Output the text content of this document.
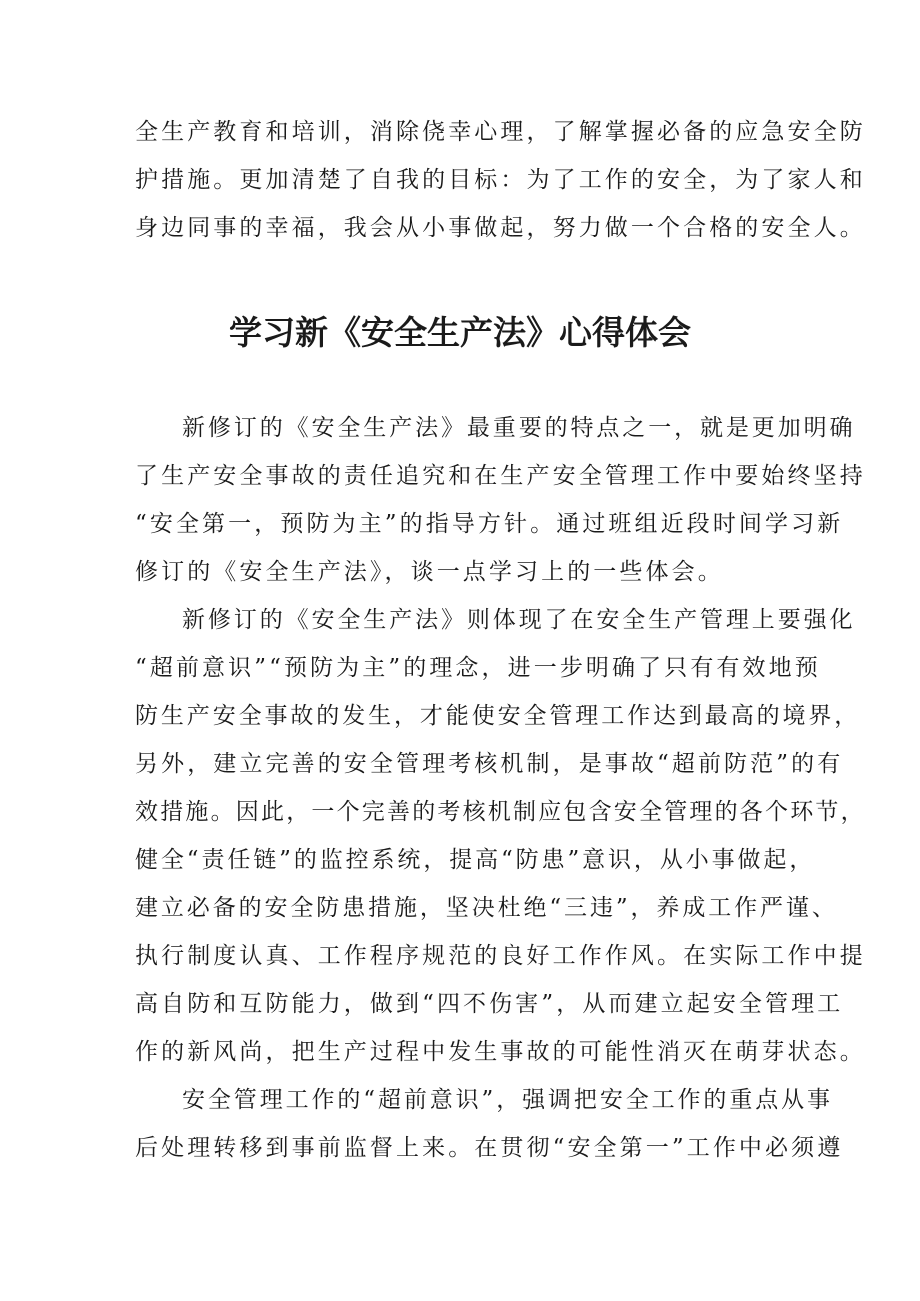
全生产教育和培训，消除侥幸心理，了解掌握必备的应急安全防
护措施。更加清楚了自我的目标：为了工作的安全，为了家人和
身边同事的幸福，我会从小事做起，努力做一个合格的安全人。
学习新《安全生产法》心得体会
新修订的《安全生产法》最重要的特点之一，就是更加明确
了生产安全事故的责任追究和在生产安全管理工作中要始终坚持
“安全第一，预防为主”的指导方针。通过班组近段时间学习新
修订的《安全生产法》，谈一点学习上的一些体会。
新修订的《安全生产法》则体现了在安全生产管理上要强化
“超前意识”“预防为主”的理念，进一步明确了只有有效地预
防生产安全事故的发生，才能使安全管理工作达到最高的境界，
另外，建立完善的安全管理考核机制，是事故“超前防范”的有
效措施。因此，一个完善的考核机制应包含安全管理的各个环节，
健全“责任链”的监控系统，提高“防患”意识，从小事做起，
建立必备的安全防患措施，坚决杜绝“三违”，养成工作严谨、
执行制度认真、工作程序规范的良好工作作风。在实际工作中提
高自防和互防能力，做到“四不伤害”，从而建立起安全管理工
作的新风尚，把生产过程中发生事故的可能性消灭在萌芽状态。
安全管理工作的“超前意识”，强调把安全工作的重点从事
后处理转移到事前监督上来。在贯彻“安全第一”工作中必须遵
